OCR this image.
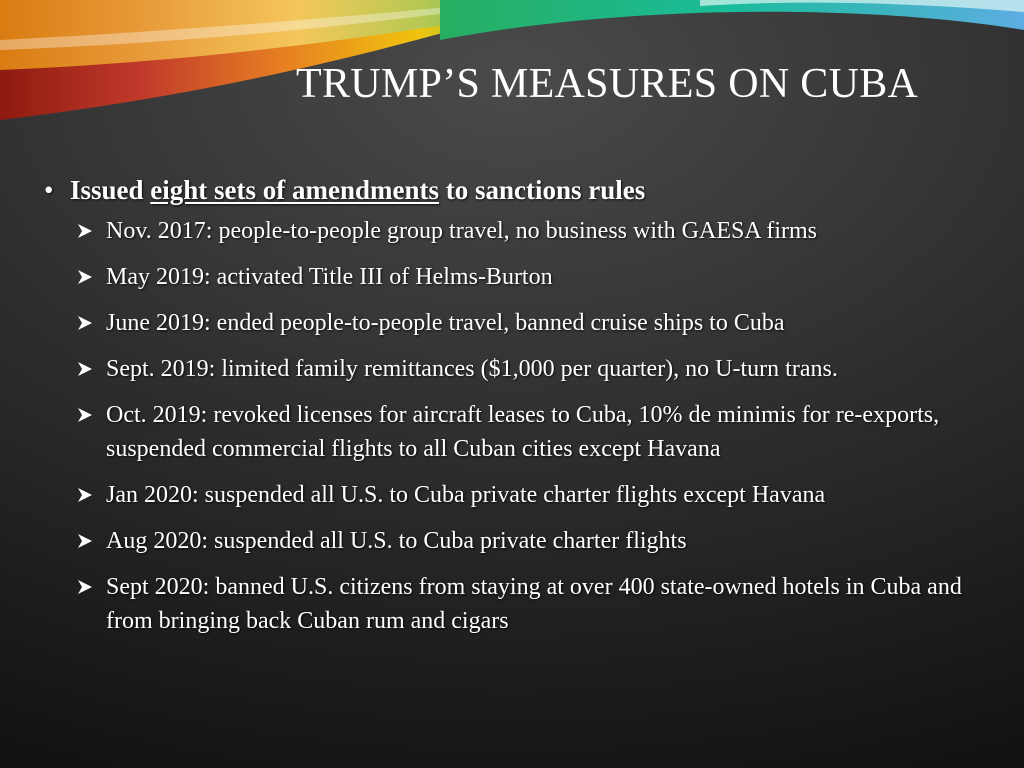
TRUMP’S MEASURES ON CUBA
• Issued eight sets of amendments to sanctions rules
Nov. 2017: people-to-people group travel, no business with GAESA firms
May 2019: activated Title III of Helms-Burton
June 2019: ended people-to-people travel, banned cruise ships to Cuba
Sept. 2019: limited family remittances ($1,000 per quarter), no U-turn trans.
Oct. 2019: revoked licenses for aircraft leases to Cuba, 10% de minimis for re-exports, suspended commercial flights to all Cuban cities except Havana
Jan 2020: suspended all U.S. to Cuba private charter flights except Havana
Aug 2020: suspended all U.S. to Cuba private charter flights
Sept 2020: banned U.S. citizens from staying at over 400 state-owned hotels in Cuba and from bringing back Cuban rum and cigars
